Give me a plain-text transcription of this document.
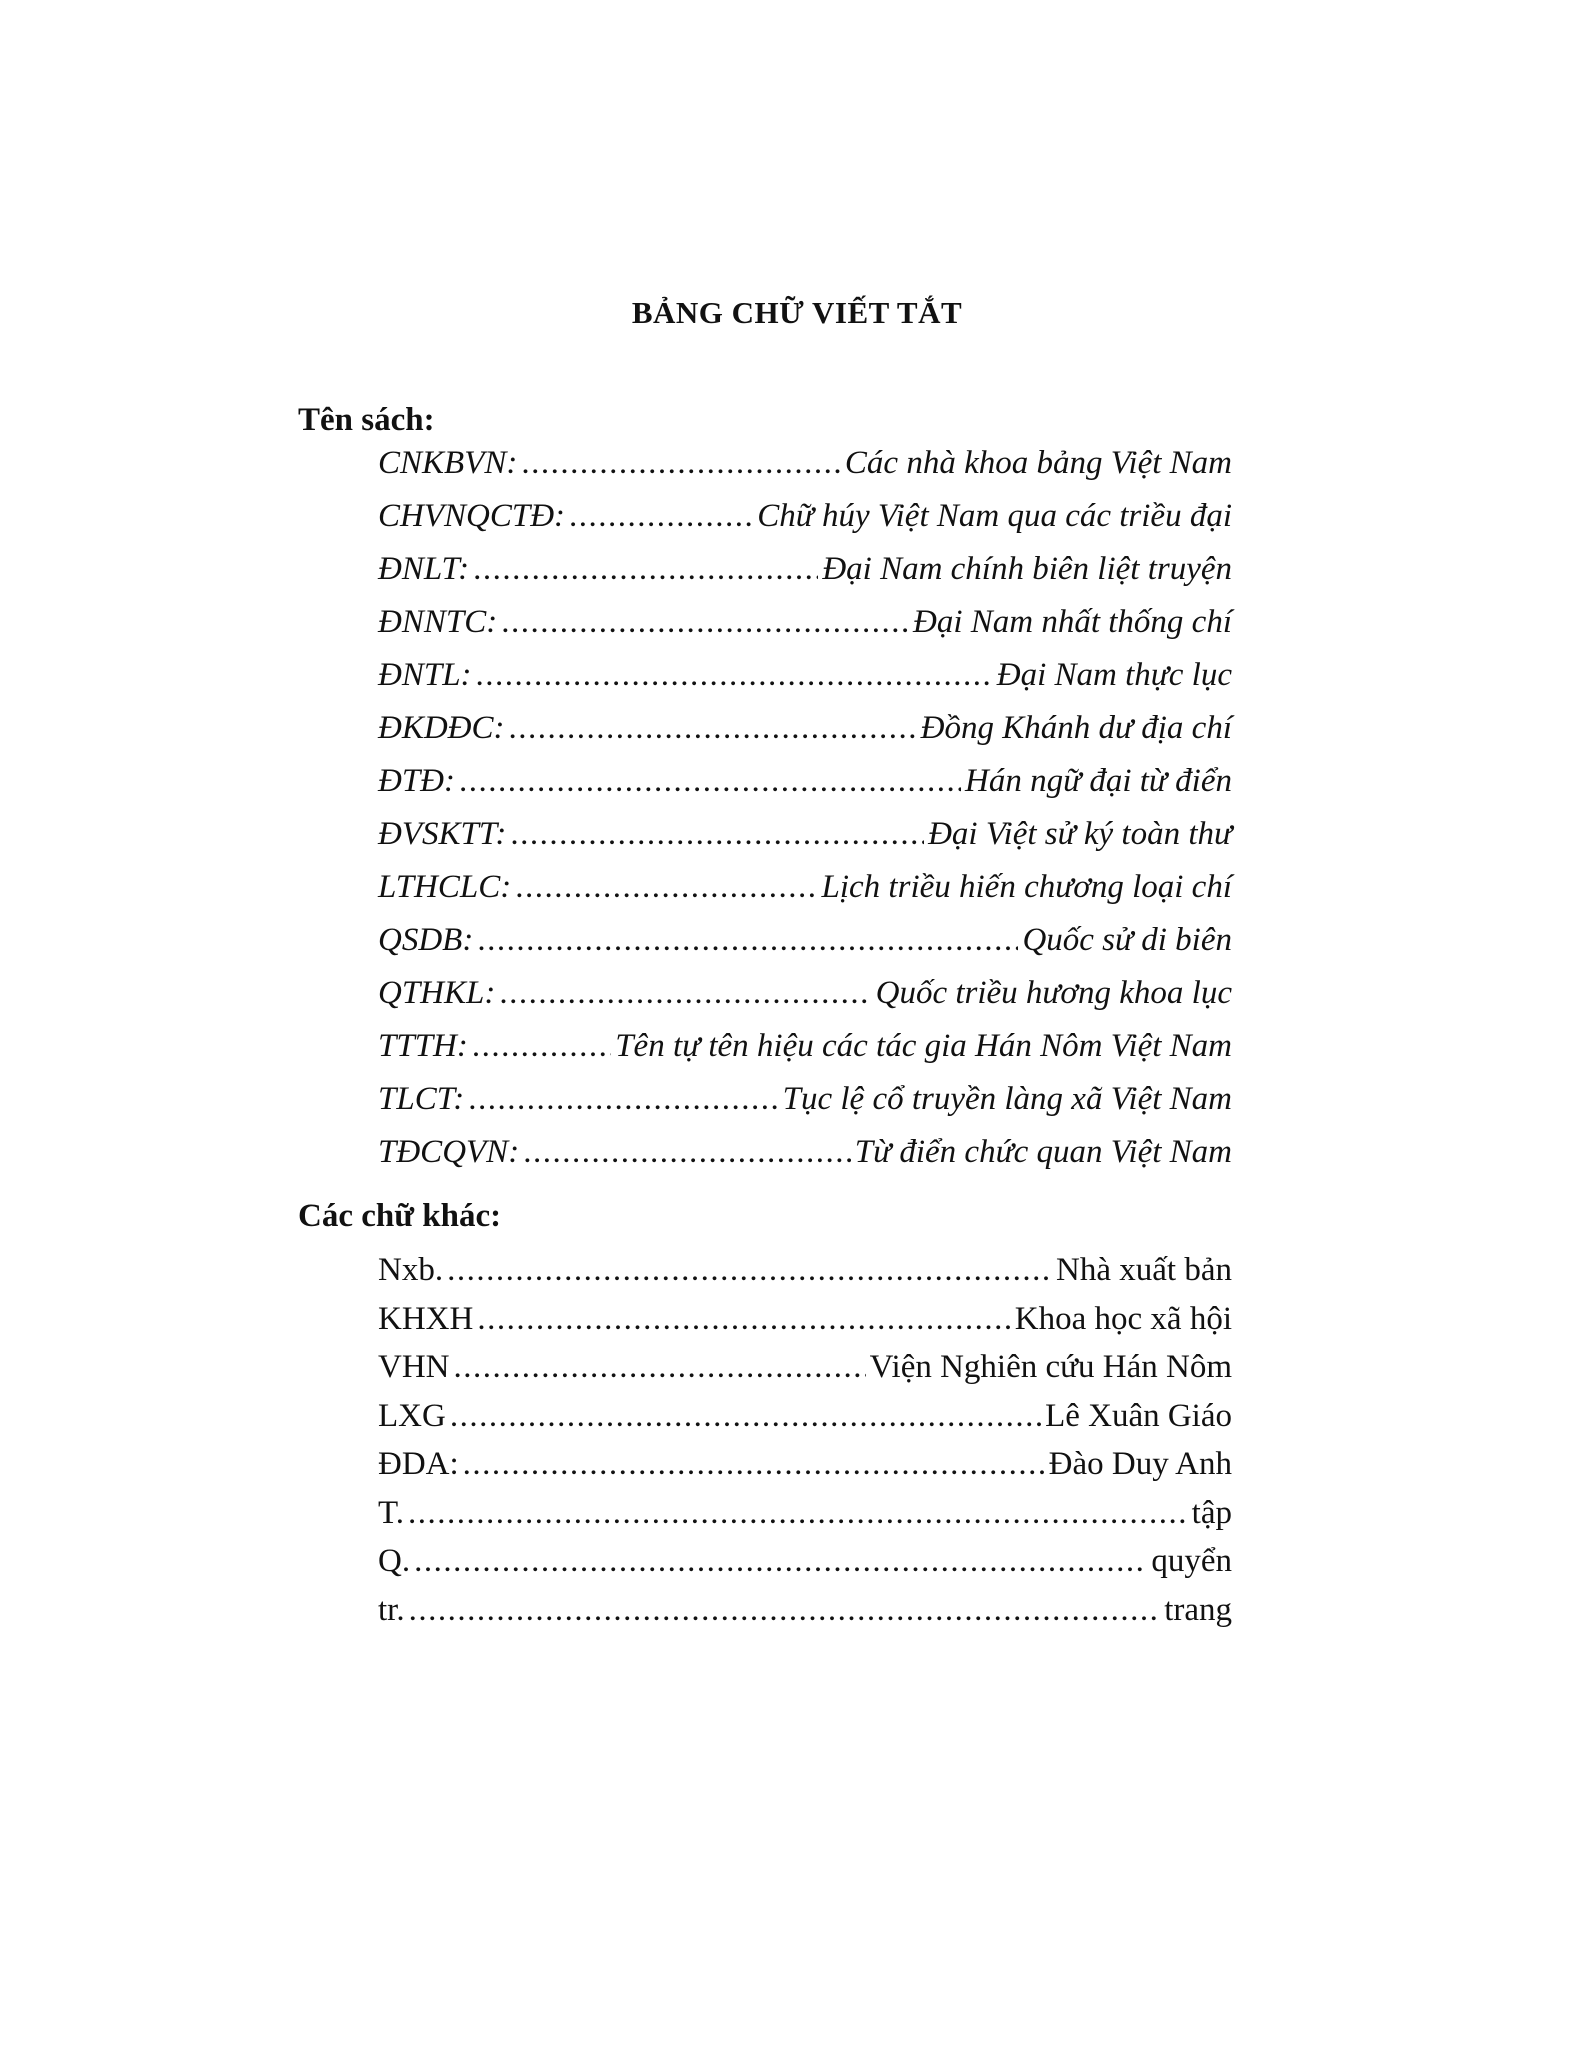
BẢNG CHỮ VIẾT TẮT
Tên sách:
CNKBVN: .....	Các nhà khoa bảng Việt Nam
CHVNQCTĐ: .....	Chữ húy Việt Nam qua các triều đại
ĐNLT: .....	Đại Nam chính biên liệt truyện
ĐNNTC: .....	Đại Nam nhất thống chí
ĐNTL: .....	Đại Nam thực lục
ĐKDĐC: .....	Đồng Khánh dư địa chí
ĐTĐ: .....	Hán ngữ đại từ điển
ĐVSKTT: .....	Đại Việt sử ký toàn thư
LTHCLC: .....	Lịch triều hiến chương loại chí
QSDB: .....	Quốc sử di biên
QTHKL: .....	Quốc triều hương khoa lục
TTTH: .....	Tên tự tên hiệu các tác gia Hán Nôm Việt Nam
TLCT: .....	Tục lệ cổ truyền làng xã Việt Nam
TĐCQVN: .....	Từ điển chức quan Việt Nam
Các chữ khác:
Nxb. .....	Nhà xuất bản
KHXH .....	Khoa học xã hội
VHN .....	Viện Nghiên cứu Hán Nôm
LXG .....	Lê Xuân Giáo
ĐDA: .....	Đào Duy Anh
T. .....	tập
Q. .....	quyển
tr. .....	trang
